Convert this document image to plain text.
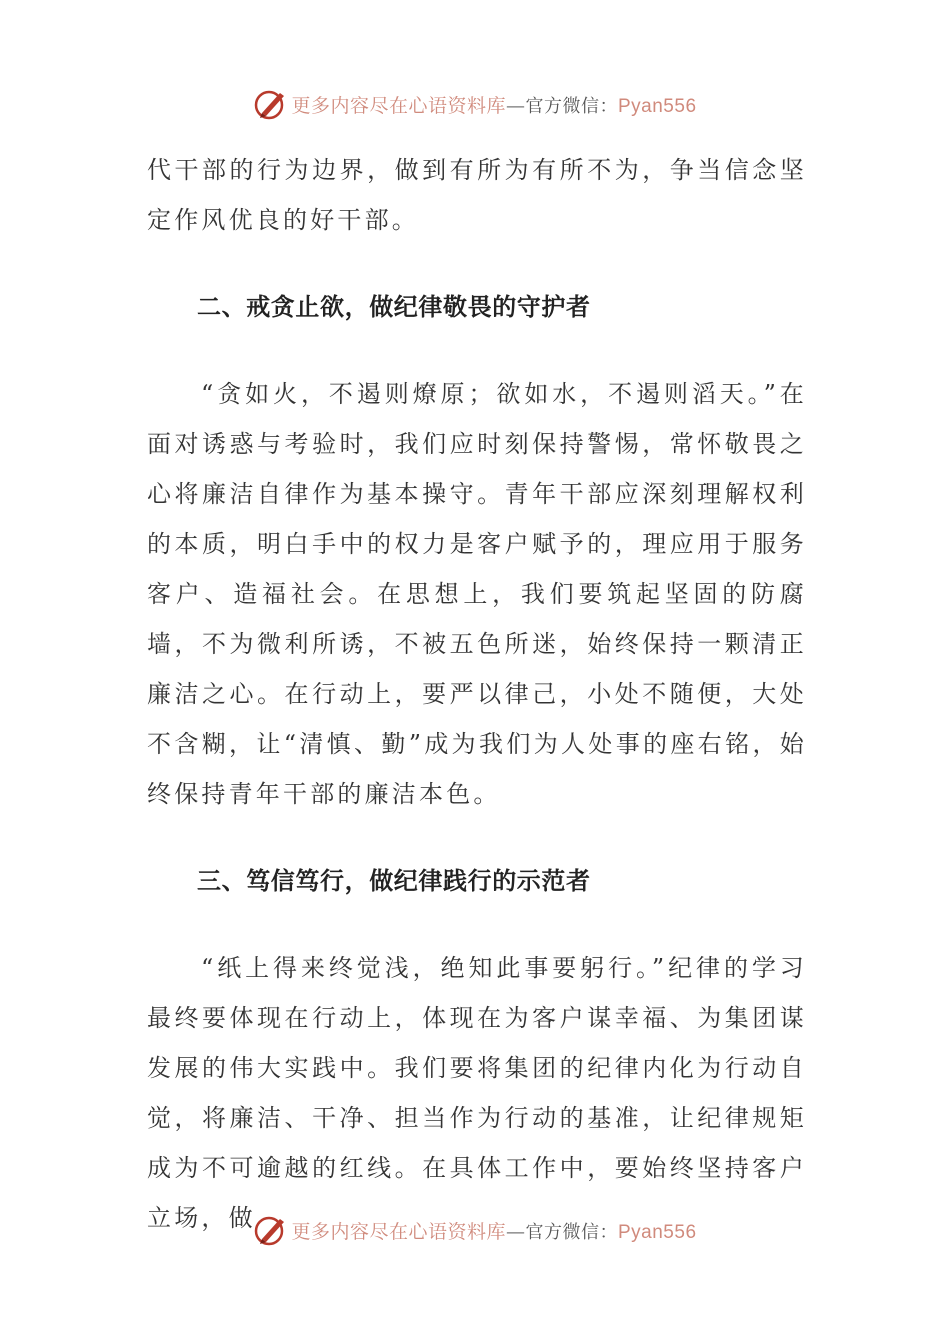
更多内容尽在心语资料库—官方微信：Pyan556

代干部的行为边界，做到有所为有所不为，争当信念坚定作风优良的好干部。

二、戒贪止欲，做纪律敬畏的守护者

“贪如火，不遏则燎原；欲如水，不遏则滔天。”在面对诱惑与考验时，我们应时刻保持警惕，常怀敬畏之心将廉洁自律作为基本操守。青年干部应深刻理解权利的本质，明白手中的权力是客户赋予的，理应用于服务客户、造福社会。在思想上，我们要筑起坚固的防腐墙，不为微利所诱，不被五色所迷，始终保持一颗清正廉洁之心。在行动上，要严以律己，小处不随便，大处不含糊，让“清慎、勤”成为我们为人处事的座右铭，始终保持青年干部的廉洁本色。

三、笃信笃行，做纪律践行的示范者

“纸上得来终觉浅，绝知此事要躬行。”纪律的学习最终要体现在行动上，体现在为客户谋幸福、为集团谋发展的伟大实践中。我们要将集团的纪律内化为行动自觉，将廉洁、干净、担当作为行动的基准，让纪律规矩成为不可逾越的红线。在具体工作中，要始终坚持客户立场，做	更多内容尽在心语资料库—官方微信：Pyan556
